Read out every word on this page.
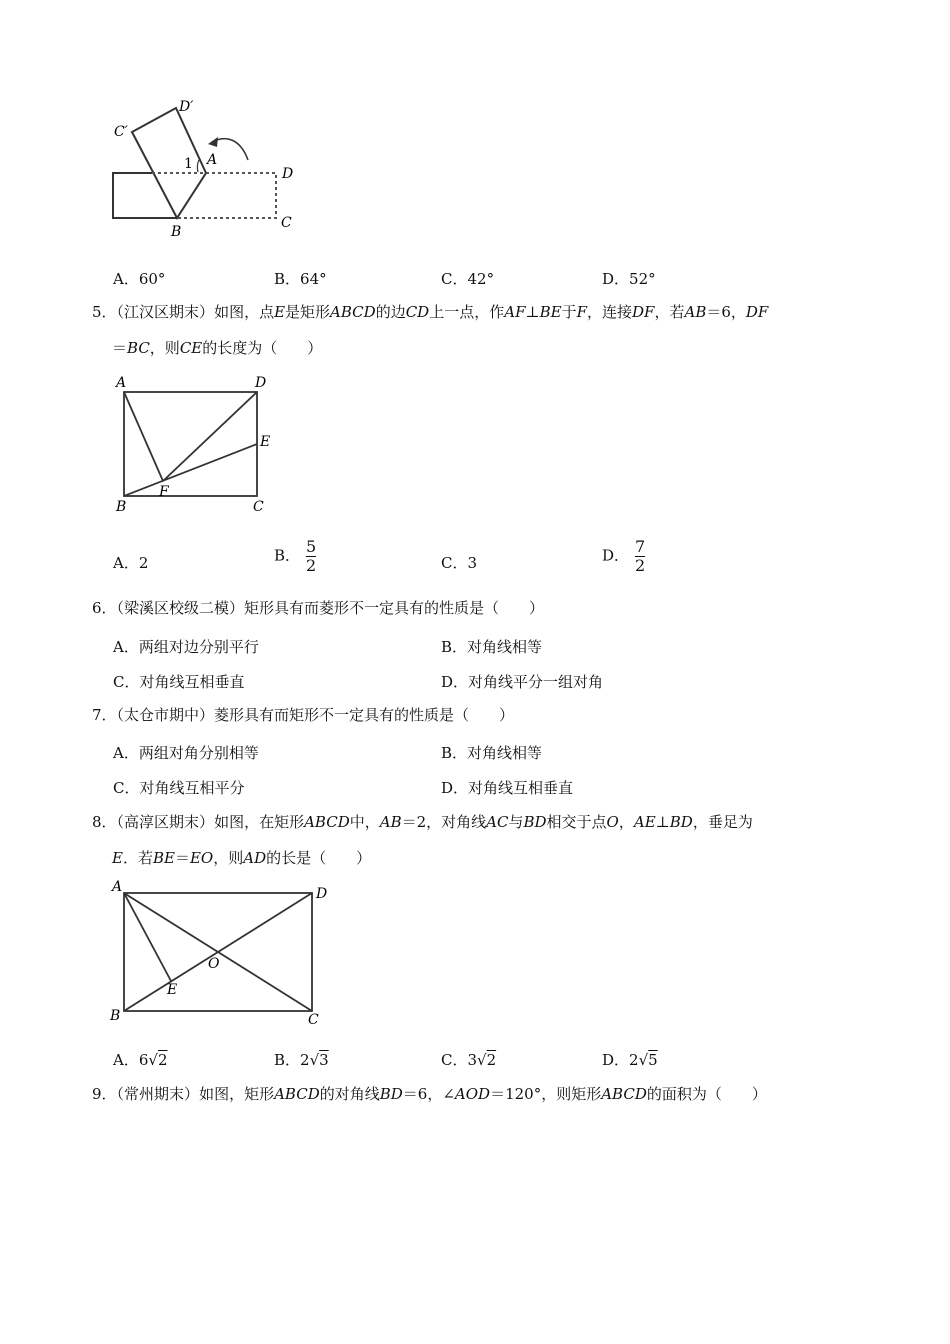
C′
D′
1 A
D
B
C
A．60°	B．64°	C．42°	D．52°
5．（江汉区期末）如图，点E是矩形ABCD的边CD上一点，作AF⊥BE于F，连接DF，若AB＝6，DF
＝BC，则CE的长度为（　　）
A	D
E
F
B	C
A．2	B． $\frac{5}{2}$	C．3	D． $\frac{7}{2}$
6．（梁溪区校级二模）矩形具有而菱形不一定具有的性质是（　　）
A．两组对边分别平行	B．对角线相等
C．对角线互相垂直	D．对角线平分一组对角
7．（太仓市期中）菱形具有而矩形不一定具有的性质是（　　）
A．两组对角分别相等	B．对角线相等
C．对角线互相平分	D．对角线互相垂直
8．（高淳区期末）如图，在矩形ABCD中，AB＝2，对角线AC与BD相交于点O，AE⊥BD，垂足为
E．若BE＝EO，则AD的长是（　　）
A	D
O
E
B	C
A．6√2	B．2√3	C．3√2	D．2√5
9．（常州期末）如图，矩形ABCD的对角线BD＝6，∠AOD＝120°，则矩形ABCD的面积为（　　）
